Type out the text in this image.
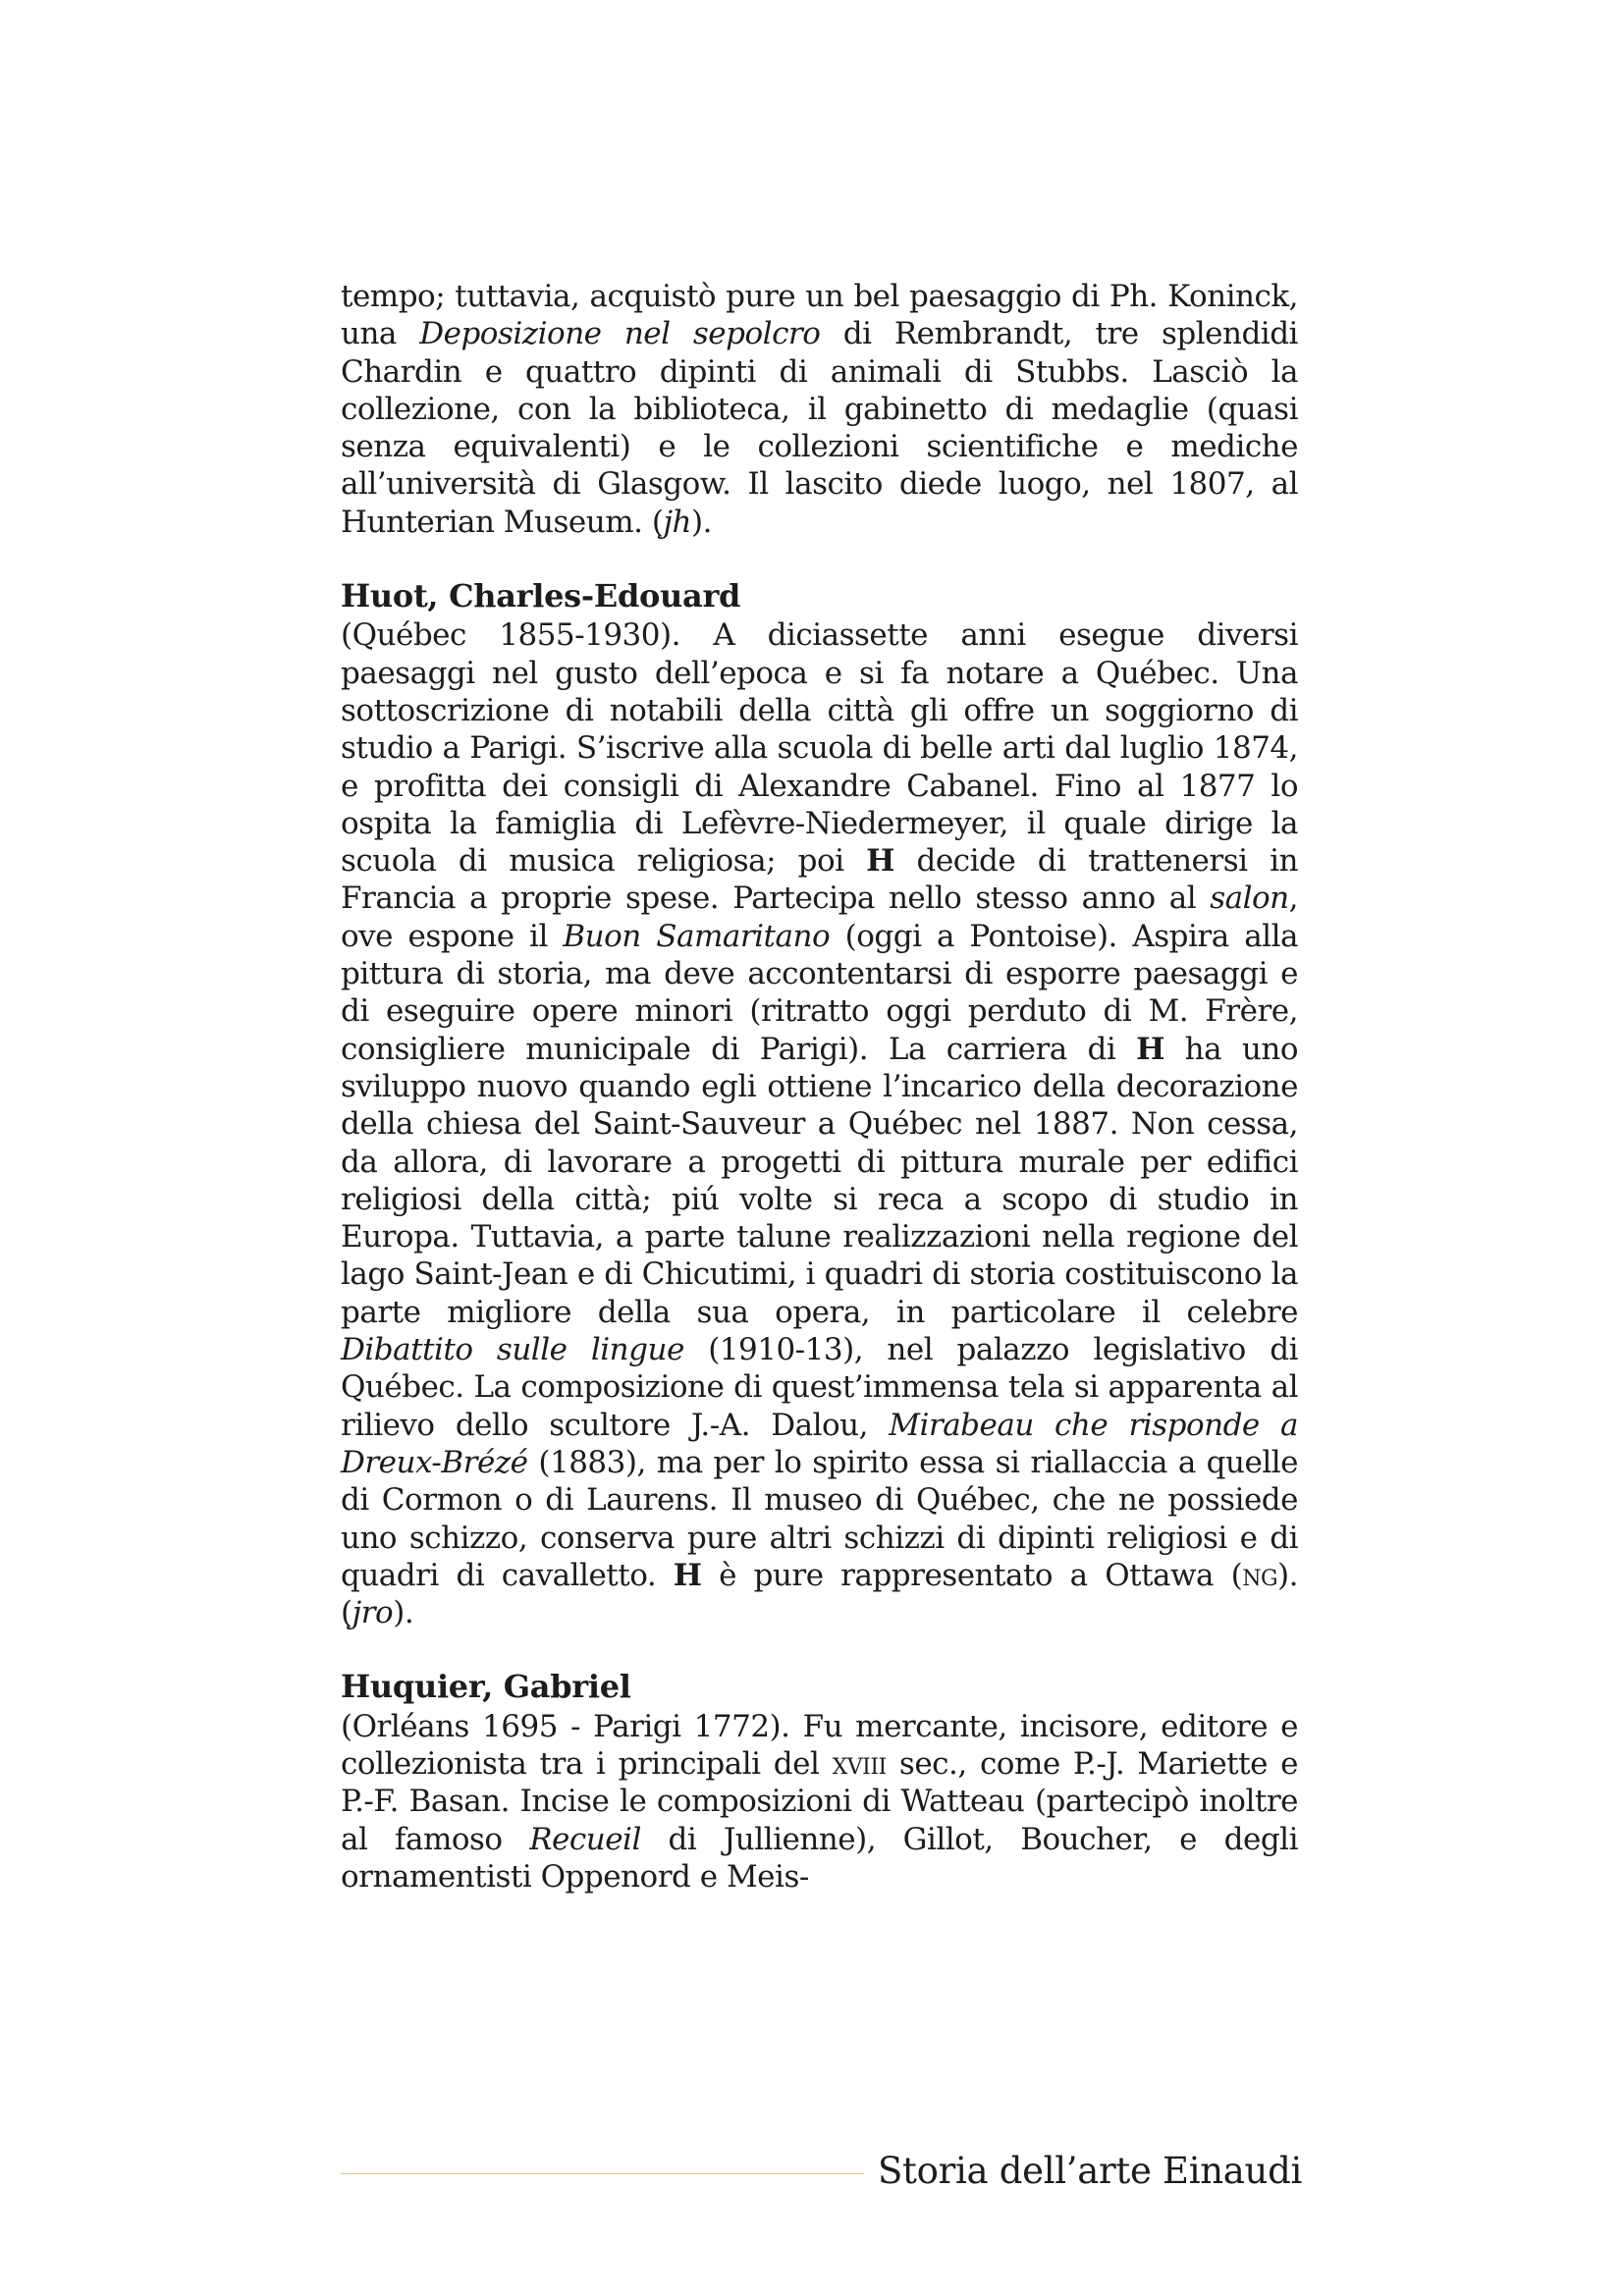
tempo; tuttavia, acquistò pure un bel paesaggio di Ph. Koninck, una Deposizione nel sepolcro di Rembrandt, tre splendidi Chardin e quattro dipinti di animali di Stubbs. Lasciò la collezione, con la biblioteca, il gabinetto di medaglie (quasi senza equivalenti) e le collezioni scientifiche e mediche all’università di Glasgow. Il lascito diede luogo, nel 1807, al Hunterian Museum. (jh).

Huot, Charles-Edouard

(Québec 1855-1930). A diciassette anni esegue diversi paesaggi nel gusto dell’epoca e si fa notare a Québec. Una sottoscrizione di notabili della città gli offre un soggiorno di studio a Parigi. S’iscrive alla scuola di belle arti dal luglio 1874, e profitta dei consigli di Alexandre Cabanel. Fino al 1877 lo ospita la famiglia di Lefèvre-Niedermeyer, il quale dirige la scuola di musica religiosa; poi H decide di trattenersi in Francia a proprie spese. Partecipa nello stesso anno al salon, ove espone il Buon Samaritano (oggi a Pontoise). Aspira alla pittura di storia, ma deve accontentarsi di esporre paesaggi e di eseguire opere minori (ritratto oggi perduto di M. Frère, consigliere municipale di Parigi). La carriera di H ha uno sviluppo nuovo quando egli ottiene l’incarico della decorazione della chiesa del Saint-Sauveur a Québec nel 1887. Non cessa, da allora, di lavorare a progetti di pittura murale per edifici religiosi della città; piú volte si reca a scopo di studio in Europa. Tuttavia, a parte talune realizzazioni nella regione del lago Saint-Jean e di Chicutimi, i quadri di storia costituiscono la parte migliore della sua opera, in particolare il celebre Dibattito sulle lingue (1910-13), nel palazzo legislativo di Québec. La composizione di quest’immensa tela si apparenta al rilievo dello scultore J.-A. Dalou, Mirabeau che risponde a Dreux-Brézé (1883), ma per lo spirito essa si riallaccia a quelle di Cormon o di Laurens. Il museo di Québec, che ne possiede uno schizzo, conserva pure altri schizzi di dipinti religiosi e di quadri di cavalletto. H è pure rappresentato a Ottawa (ng). (jro).

Huquier, Gabriel

(Orléans 1695 - Parigi 1772). Fu mercante, incisore, editore e collezionista tra i principali del xviii sec., come P.-J. Mariette e P.-F. Basan. Incise le composizioni di Watteau (partecipò inoltre al famoso Recueil di Jullienne), Gillot, Boucher, e degli ornamentisti Oppenord e Meis-

Storia dell’arte Einaudi
